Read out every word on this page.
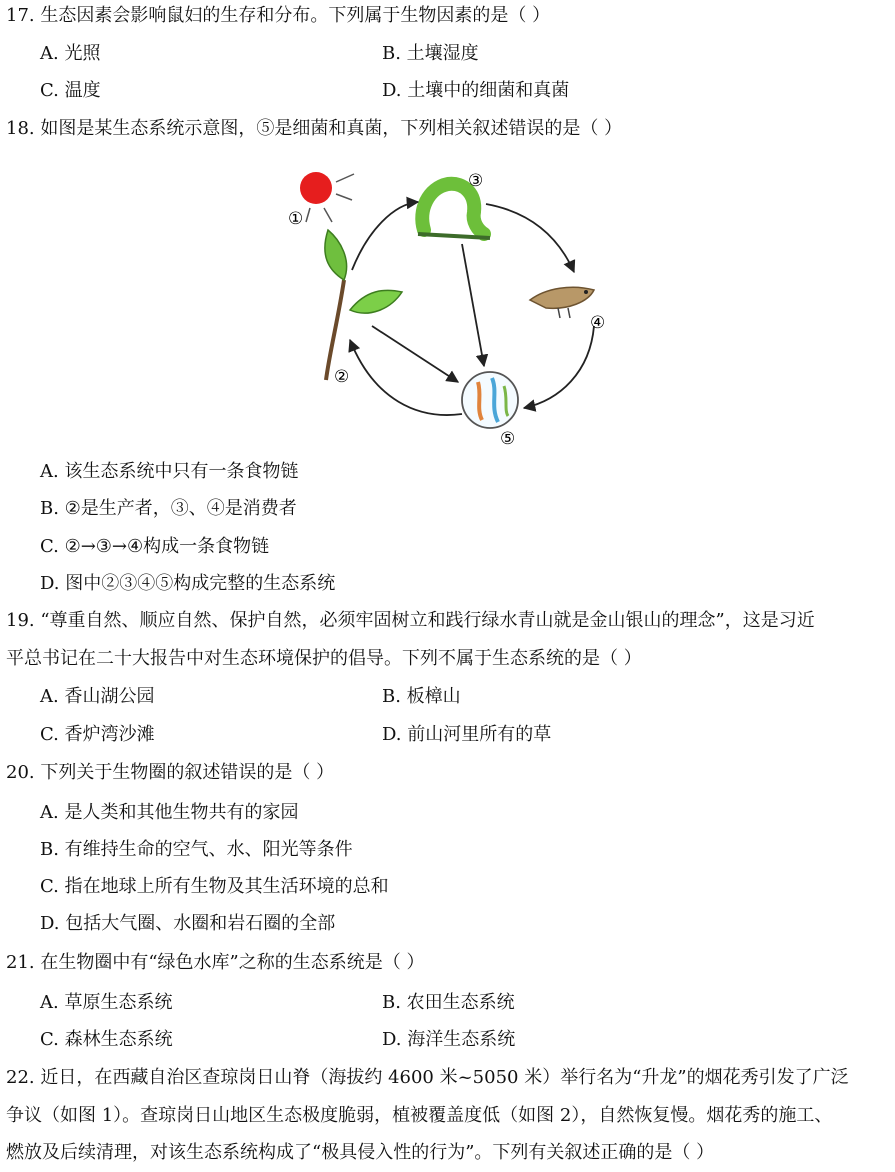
17. 生态因素会影响鼠妇的生存和分布。下列属于生物因素的是（ ）
A. 光照	B. 土壤湿度
C. 温度	D. 土壤中的细菌和真菌
18. 如图是某生态系统示意图，⑤是细菌和真菌，下列相关叙述错误的是（ ）
①
②
③
④
⑤
A. 该生态系统中只有一条食物链
B. ②是生产者，③、④是消费者
C. ②→③→④构成一条食物链
D. 图中②③④⑤构成完整的生态系统
19. “尊重自然、顺应自然、保护自然，必须牢固树立和践行绿水青山就是金山银山的理念”，这是习近
平总书记在二十大报告中对生态环境保护的倡导。下列不属于生态系统的是（ ）
A. 香山湖公园	B. 板樟山
C. 香炉湾沙滩	D. 前山河里所有的草
20. 下列关于生物圈的叙述错误的是（ ）
A. 是人类和其他生物共有的家园
B. 有维持生命的空气、水、阳光等条件
C. 指在地球上所有生物及其生活环境的总和
D. 包括大气圈、水圈和岩石圈的全部
21. 在生物圈中有“绿色水库”之称的生态系统是（ ）
A. 草原生态系统	B. 农田生态系统
C. 森林生态系统	D. 海洋生态系统
22. 近日，在西藏自治区查琼岗日山脊（海拔约 4600 米~5050 米）举行名为“升龙”的烟花秀引发了广泛
争议（如图 1）。查琼岗日山地区生态极度脆弱，植被覆盖度低（如图 2），自然恢复慢。烟花秀的施工、
燃放及后续清理，对该生态系统构成了“极具侵入性的行为”。下列有关叙述正确的是（ ）
